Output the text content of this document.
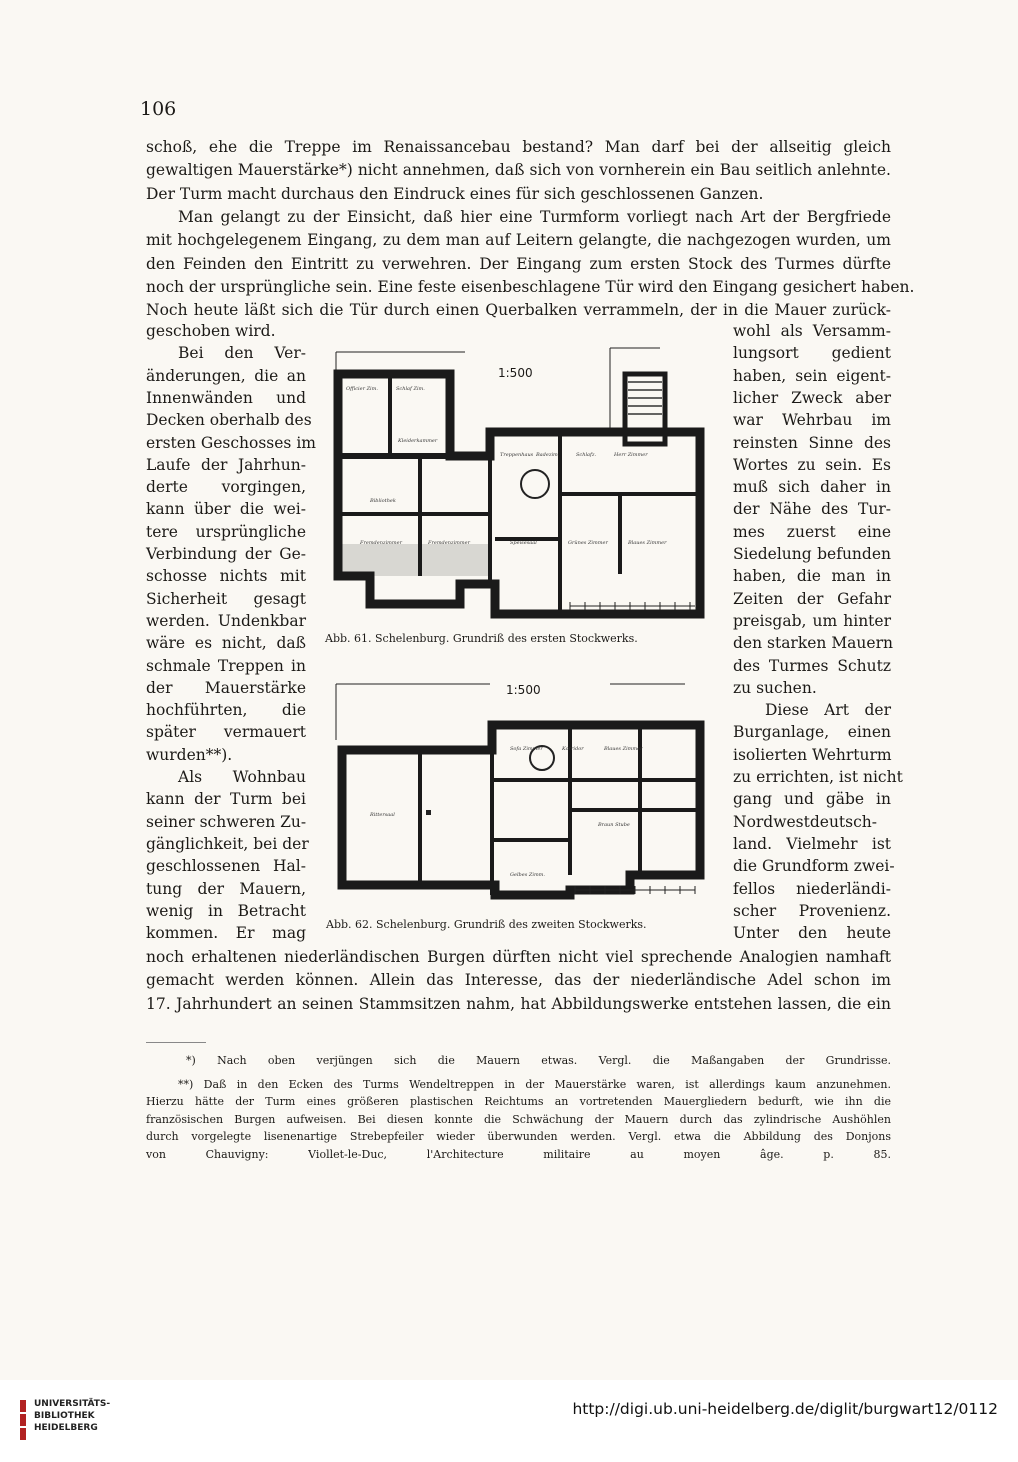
106
schoß, ehe die Treppe im Renaissancebau bestand? Man darf bei der allseitig gleich
gewaltigen Mauerstärke*) nicht annehmen, daß sich von vornherein ein Bau seitlich anlehnte.
Der Turm macht durchaus den Eindruck eines für sich geschlossenen Ganzen.
Man gelangt zu der Einsicht, daß hier eine Turmform vorliegt nach Art der Bergfriede
mit hochgelegenem Eingang, zu dem man auf Leitern gelangte, die nachgezogen wurden, um
den Feinden den Eintritt zu verwehren. Der Eingang zum ersten Stock des Turmes dürfte
noch der ursprüngliche sein. Eine feste eisenbeschlagene Tür wird den Eingang gesichert haben.
Noch heute läßt sich die Tür durch einen Querbalken verrammeln, der in die Mauer zurück-
geschoben wird.
Bei den Ver-
änderungen, die an
Innenwänden und
Decken oberhalb des
ersten Geschosses im
Laufe der Jahrhun-
derte vorgingen,
kann über die wei-
tere ursprüngliche
Verbindung der Ge-
schosse nichts mit
Sicherheit gesagt
werden. Undenkbar
wäre es nicht, daß
schmale Treppen in
der Mauerstärke
hochführten, die
später vermauert
wurden**).
Als Wohnbau
kann der Turm bei
seiner schweren Zu-
gänglichkeit, bei der
geschlossenen Hal-
tung der Mauern,
wenig in Betracht
kommen. Er mag
wohl als Versamm-
lungsort gedient
haben, sein eigent-
licher Zweck aber
war Wehrbau im
reinsten Sinne des
Wortes zu sein. Es
muß sich daher in
der Nähe des Tur-
mes zuerst eine
Siedelung befunden
haben, die man in
Zeiten der Gefahr
preisgab, um hinter
den starken Mauern
des Turmes Schutz
zu suchen.
Diese Art der
Burganlage, einen
isolierten Wehrturm
zu errichten, ist nicht
gang und gäbe in
Nordwestdeutsch-
land. Vielmehr ist
die Grundform zwei-
fellos niederländi-
scher Provenienz.
Unter den heute
noch erhaltenen niederländischen Burgen dürften nicht viel sprechende Analogien namhaft
gemacht werden können. Allein das Interesse, das der niederländische Adel schon im
17. Jahrhundert an seinen Stammsitzen nahm, hat Abbildungswerke entstehen lassen, die ein
Officier Zim.	Schlaf Zim.
Kleiderkammer
Bibliothek
Fremdenzimmer	Fremdenzimmer
Treppenhaus Badezim.	Schlafz.	Herr Zimmer
Speisesaal	Grünes Zimmer	Blaues Zimmer
1:500
Abb. 61. Schelenburg. Grundriß des ersten Stockwerks.
Rittersaal
Sofa Zimmer	Korridor	Blaues Zimmer
Braun Stube
Gelbes Zimm.
1:500
Abb. 62. Schelenburg. Grundriß des zweiten Stockwerks.
*) Nach oben verjüngen sich die Mauern etwas. Vergl. die Maßangaben der Grundrisse.
**) Daß in den Ecken des Turms Wendeltreppen in der Mauerstärke waren, ist allerdings kaum anzunehmen.
Hierzu hätte der Turm eines größeren plastischen Reichtums an vortretenden Mauergliedern bedurft, wie ihn die
französischen Burgen aufweisen. Bei diesen konnte die Schwächung der Mauern durch das zylindrische Aushöhlen
durch vorgelegte lisenenartige Strebepfeiler wieder überwunden werden. Vergl. etwa die Abbildung des Donjons
von Chauvigny: Viollet-le-Duc, l'Architecture militaire au moyen âge. p. 85.
UNIVERSITÄTS-
BIBLIOTHEK
HEIDELBERG
http://digi.ub.uni-heidelberg.de/diglit/burgwart12/0112
